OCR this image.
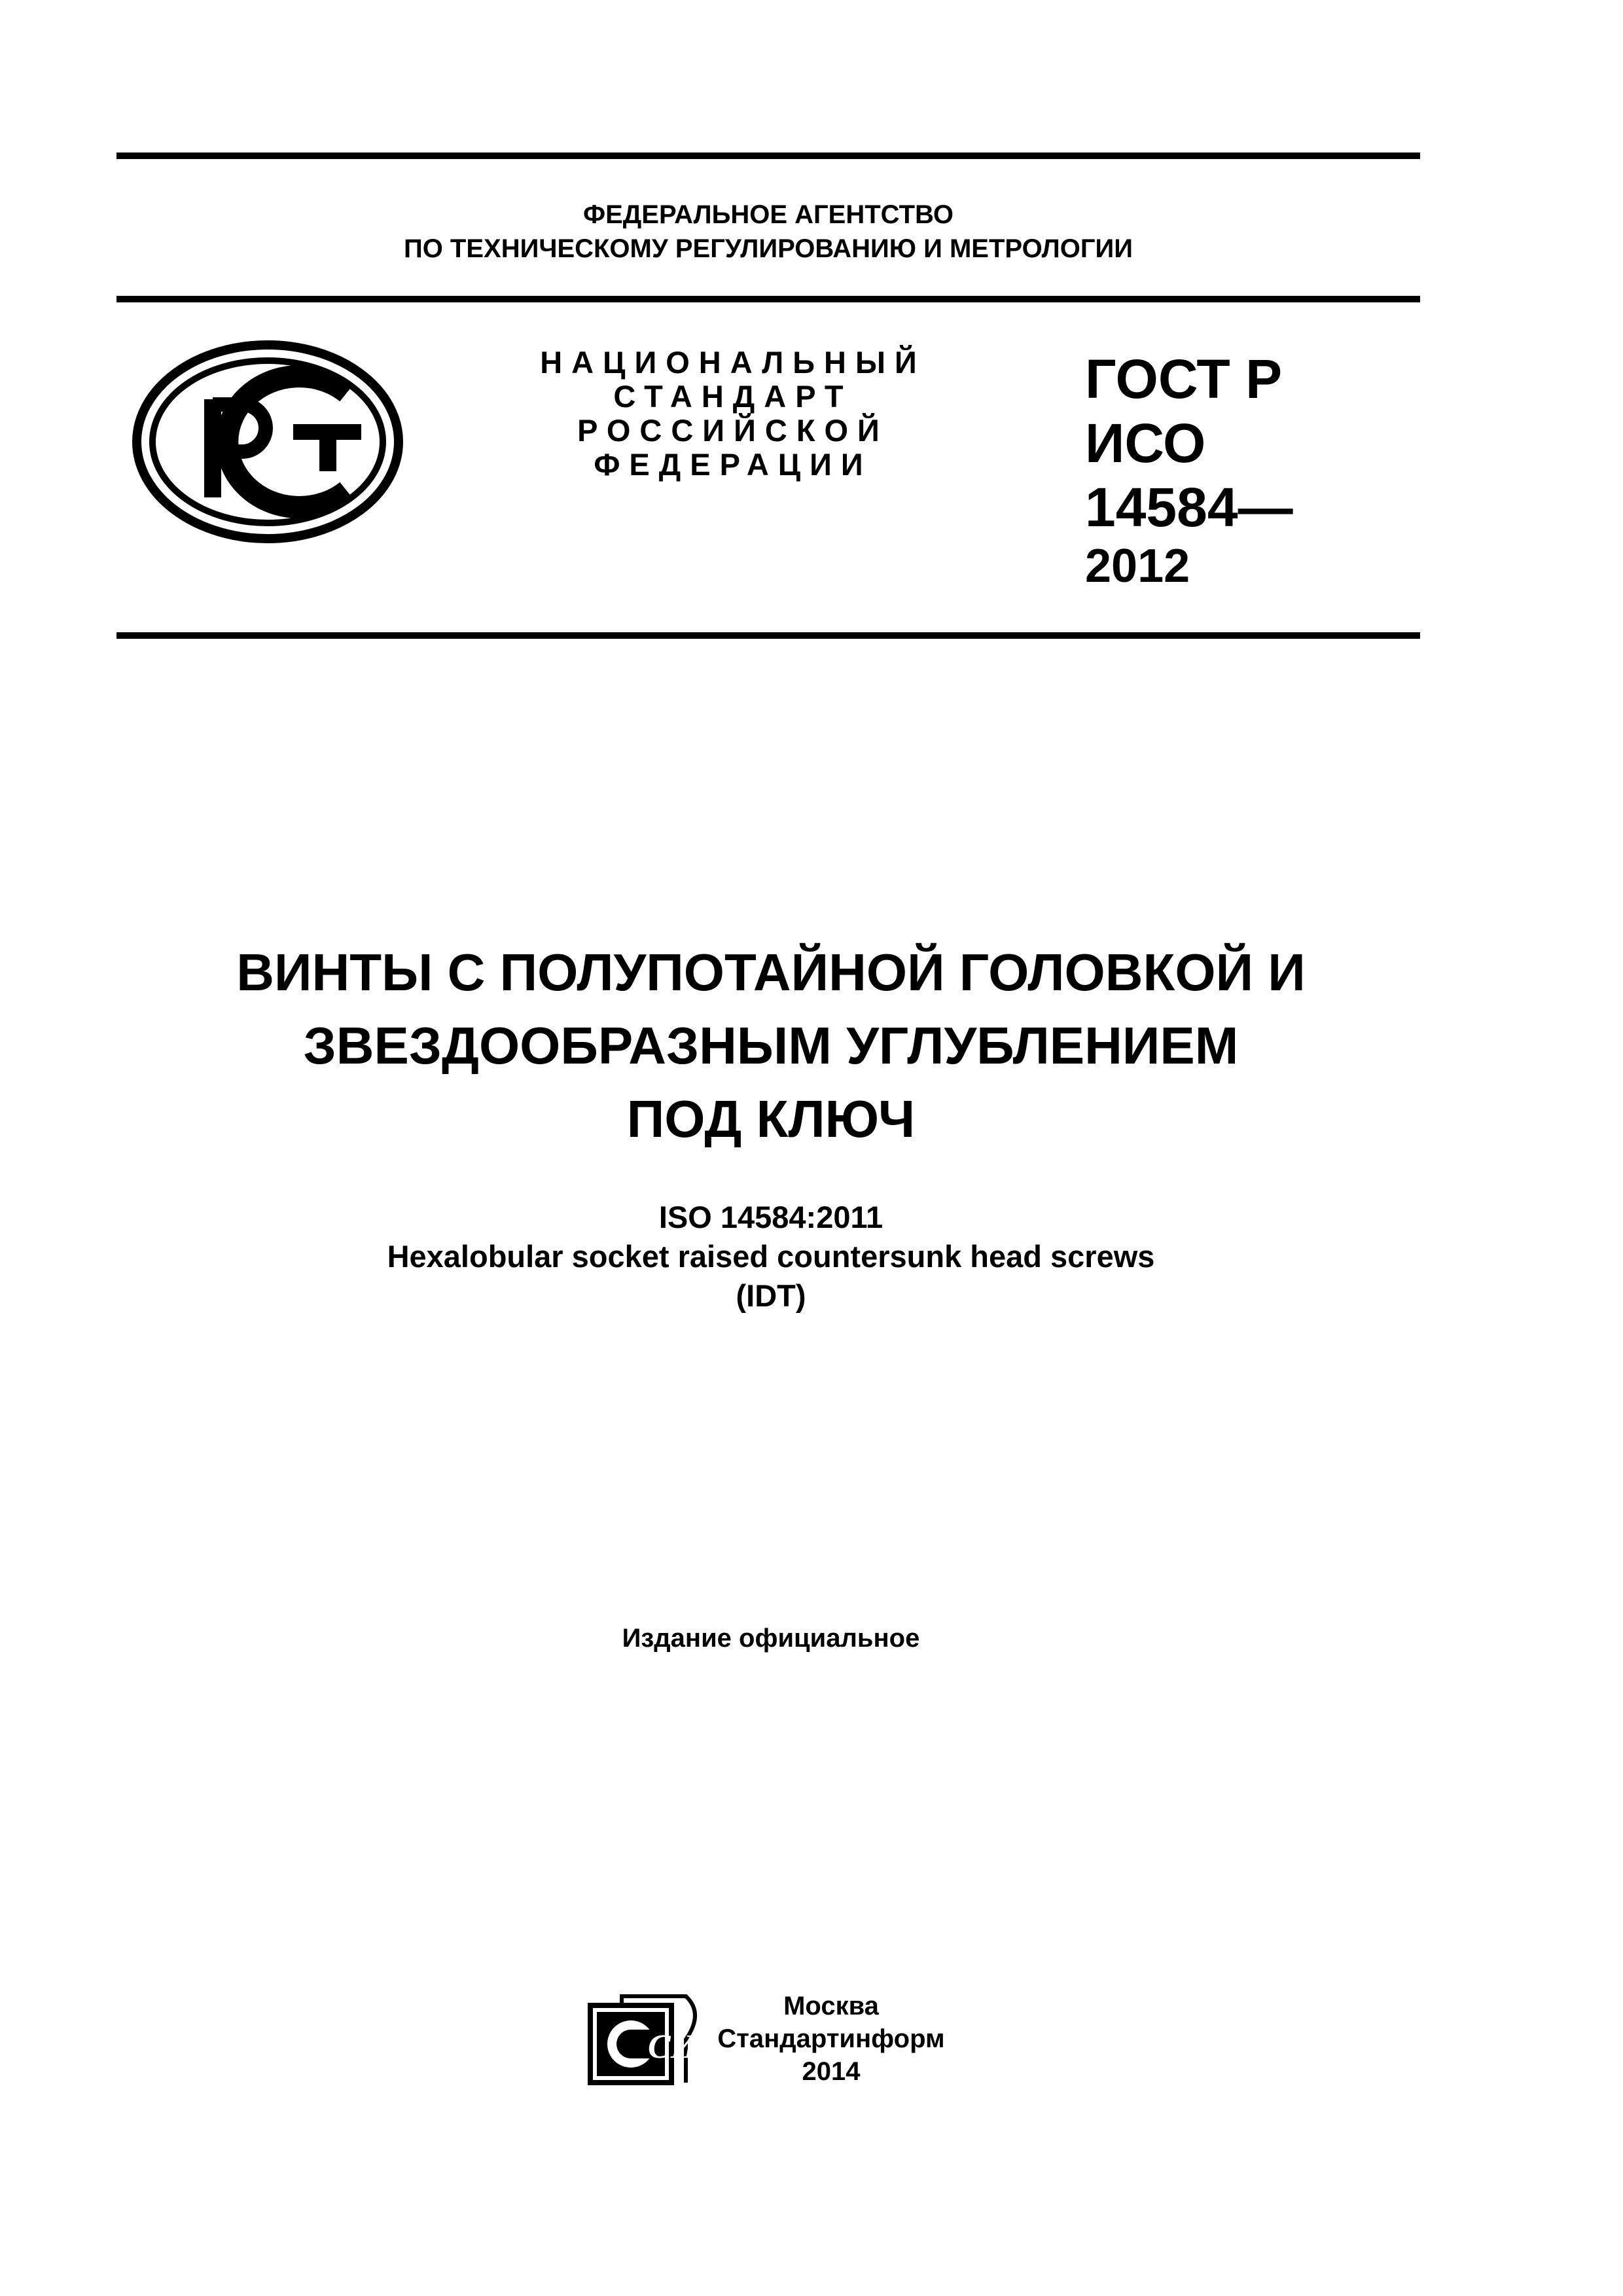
ФЕДЕРАЛЬНОЕ АГЕНТСТВО
ПО ТЕХНИЧЕСКОМУ РЕГУЛИРОВАНИЮ И МЕТРОЛОГИИ
НАЦИОНАЛЬНЫЙ
СТАНДАРТ
РОССИЙСКОЙ
ФЕДЕРАЦИИ
ГОСТ Р
ИСО
14584—
2012
ВИНТЫ С ПОЛУПОТАЙНОЙ ГОЛОВКОЙ И
ЗВЕЗДООБРАЗНЫМ УГЛУБЛЕНИЕМ
ПОД КЛЮЧ
ISO 14584:2011
Hexalobular socket raised countersunk head screws
(IDT)
Издание официальное
СИ
Москва
Стандартинформ
2014
